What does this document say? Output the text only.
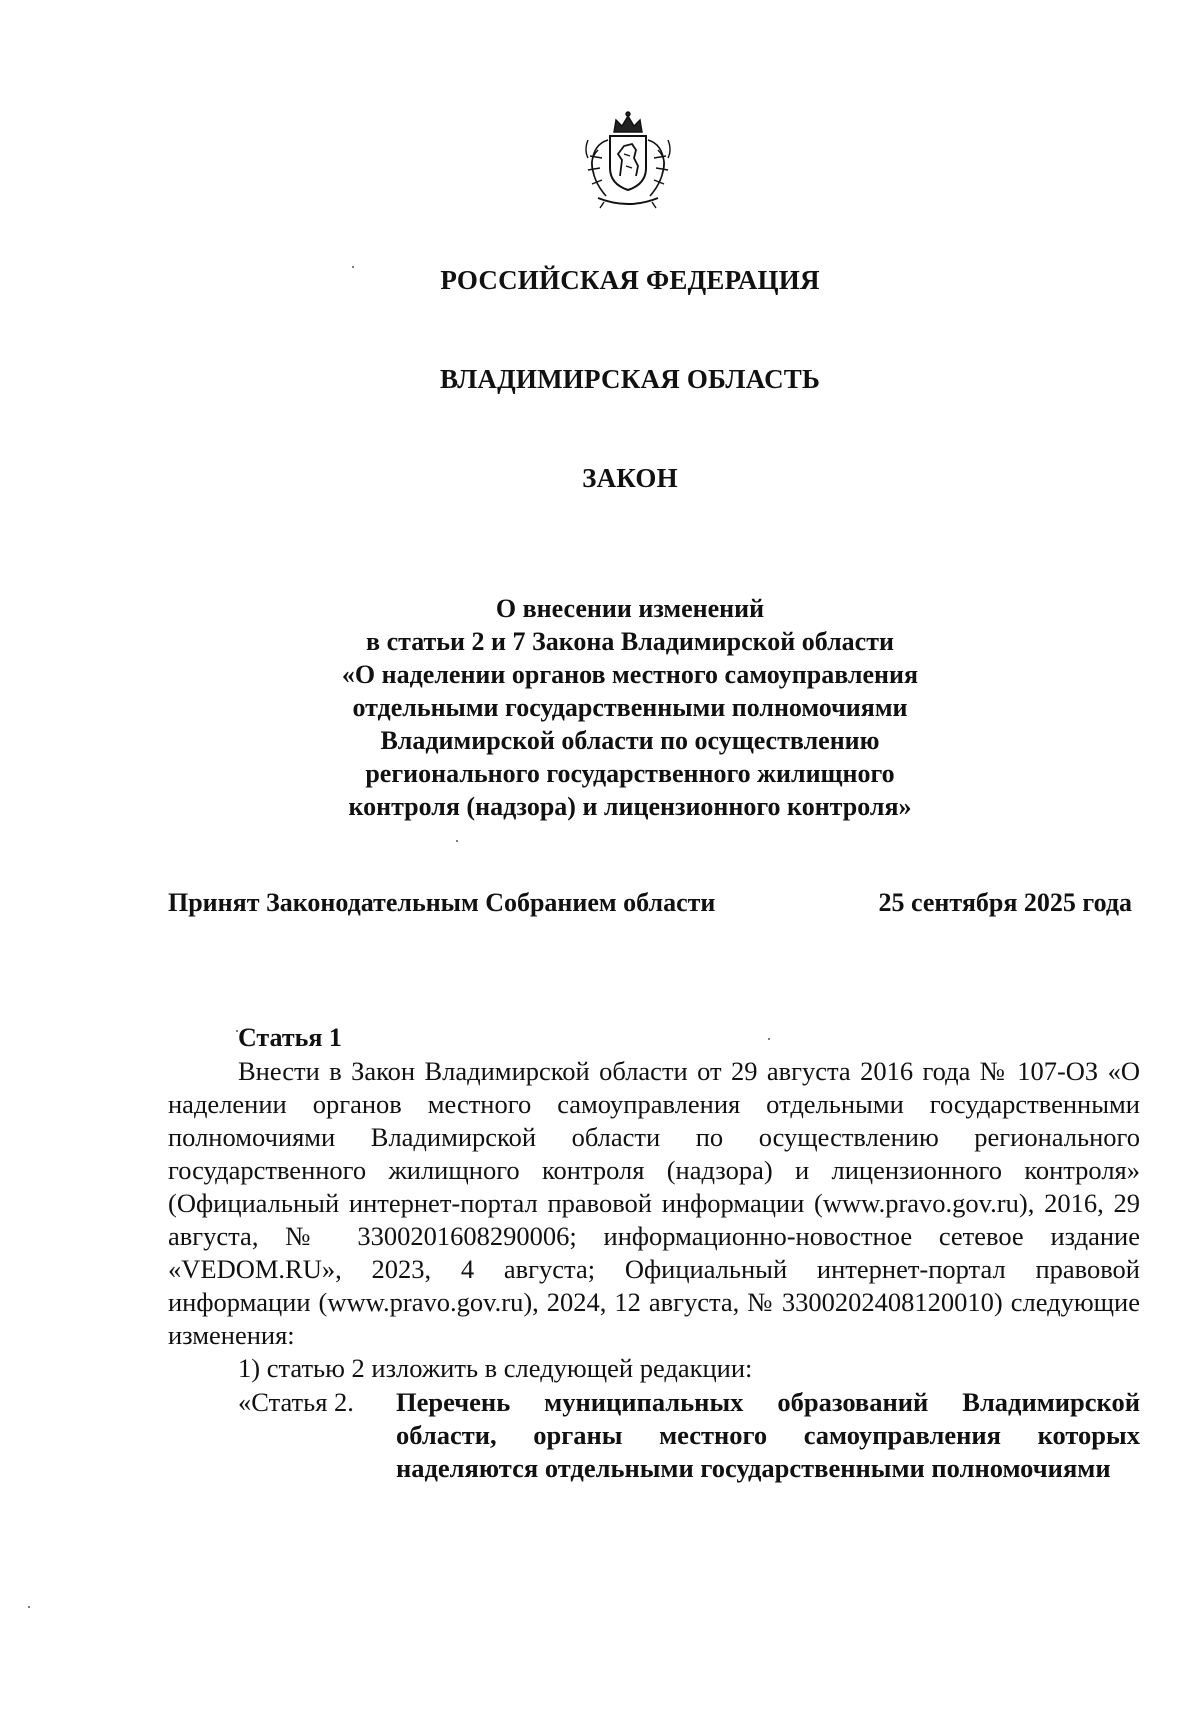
РОССИЙСКАЯ ФЕДЕРАЦИЯ
ВЛАДИМИРСКАЯ ОБЛАСТЬ
ЗАКОН
О внесении изменений
в статьи 2 и 7 Закона Владимирской области
«О наделении органов местного самоуправления
отдельными государственными полномочиями
Владимирской области по осуществлению
регионального государственного жилищного
контроля (надзора) и лицензионного контроля»
Принят Законодательным Собранием области	25 сентября 2025 года
Статья 1

Внести в Закон Владимирской области от 29 августа 2016 года № 107-ОЗ «О наделении органов местного самоуправления отдельными государственными полномочиями Владимирской области по осуществлению регионального государственного жилищного контроля (надзора) и лицензионного контроля» (Официальный интернет-портал правовой информации (www.pravo.gov.ru), 2016, 29 августа, № 3300201608290006; информационно-новостное сетевое издание «VEDOM.RU», 2023, 4 августа; Официальный интернет-портал правовой информации (www.pravo.gov.ru), 2024, 12 августа, № 3300202408120010) следующие изменения:

1) статью 2 изложить в следующей редакции:
«Статья 2. Перечень муниципальных образований Владимирской области, органы местного самоуправления которых наделяются отдельными государственными полномочиями
